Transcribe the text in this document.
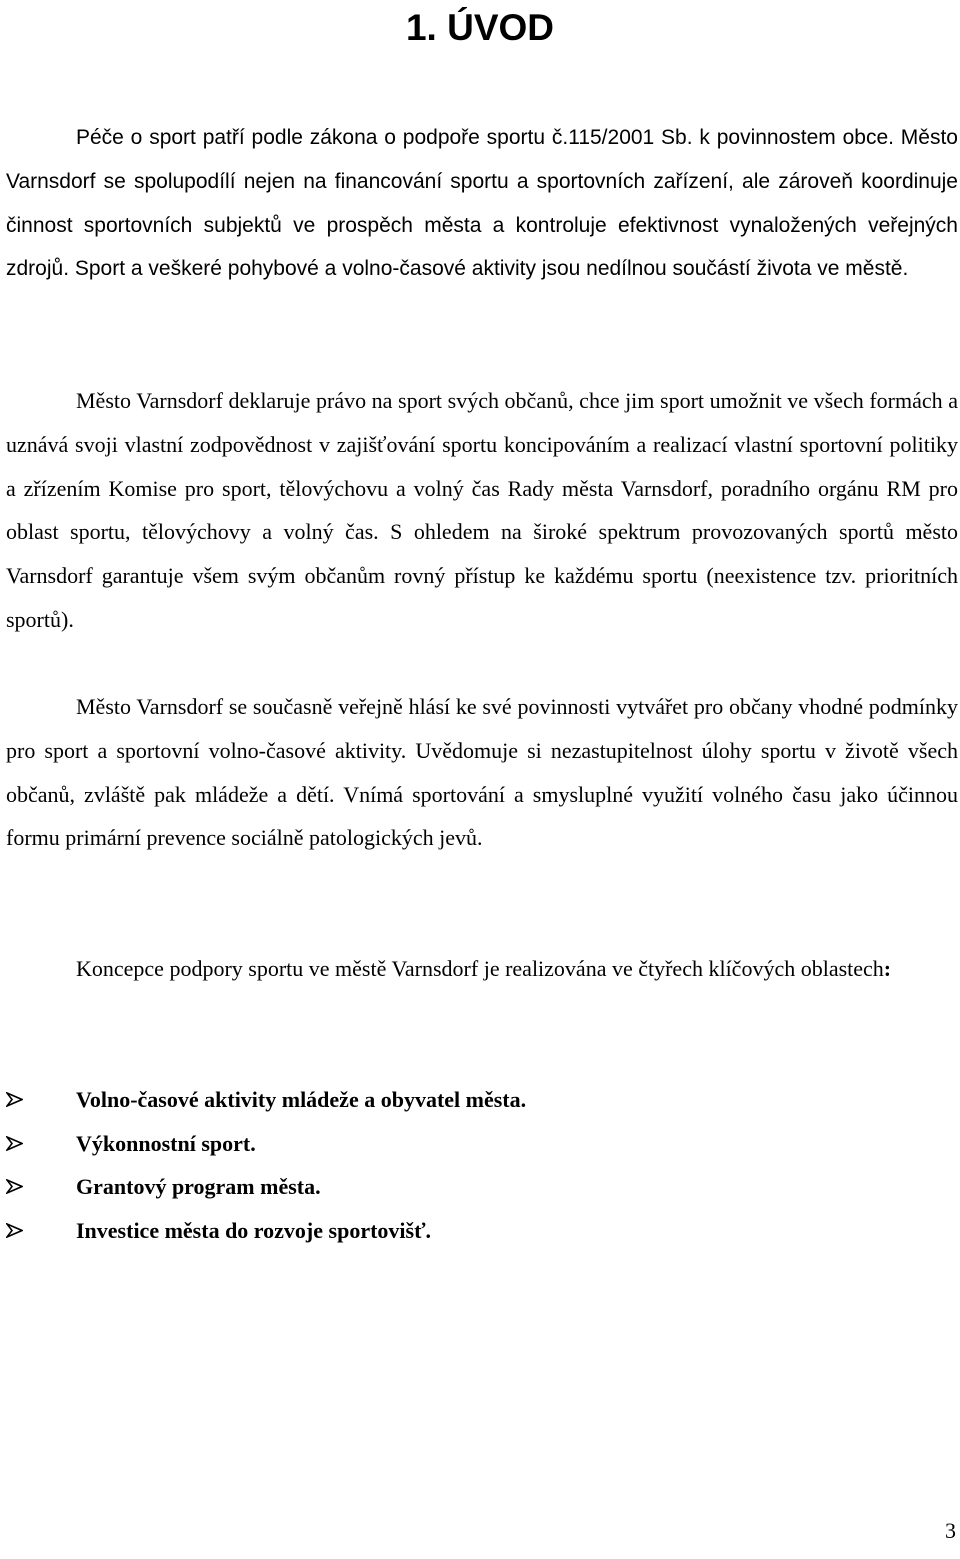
1. ÚVOD

Péče o sport patří podle zákona o podpoře sportu č.115/2001 Sb. k povinnostem obce. Město Varnsdorf se spolupodílí nejen na financování sportu a sportovních zařízení, ale zároveň koordinuje činnost sportovních subjektů ve prospěch města a kontroluje efektivnost vynaložených veřejných zdrojů. Sport a veškeré pohybové a volno-časové aktivity jsou nedílnou součástí života ve městě.

Město Varnsdorf deklaruje právo na sport svých občanů, chce jim sport umožnit ve všech formách a uznává svoji vlastní zodpovědnost v zajišťování sportu koncipováním a realizací vlastní sportovní politiky a zřízením Komise pro sport, tělovýchovu a volný čas Rady města Varnsdorf, poradního orgánu RM pro oblast sportu, tělovýchovy a volný čas. S ohledem na široké spektrum provozovaných sportů město Varnsdorf garantuje všem svým občanům rovný přístup ke každému sportu (neexistence tzv. prioritních sportů).

Město Varnsdorf se současně veřejně hlásí ke své povinnosti vytvářet pro občany vhodné podmínky pro sport a sportovní volno-časové aktivity. Uvědomuje si nezastupitelnost úlohy sportu v životě všech občanů, zvláště pak mládeže a dětí. Vnímá sportování a smysluplné využití volného času jako účinnou formu primární prevence sociálně patologických jevů.

Koncepce podpory sportu ve městě Varnsdorf je realizována ve čtyřech klíčových oblastech:

Volno-časové aktivity mládeže a obyvatel města.
Výkonnostní sport.
Grantový program města.
Investice města do rozvoje sportovišť.
3
